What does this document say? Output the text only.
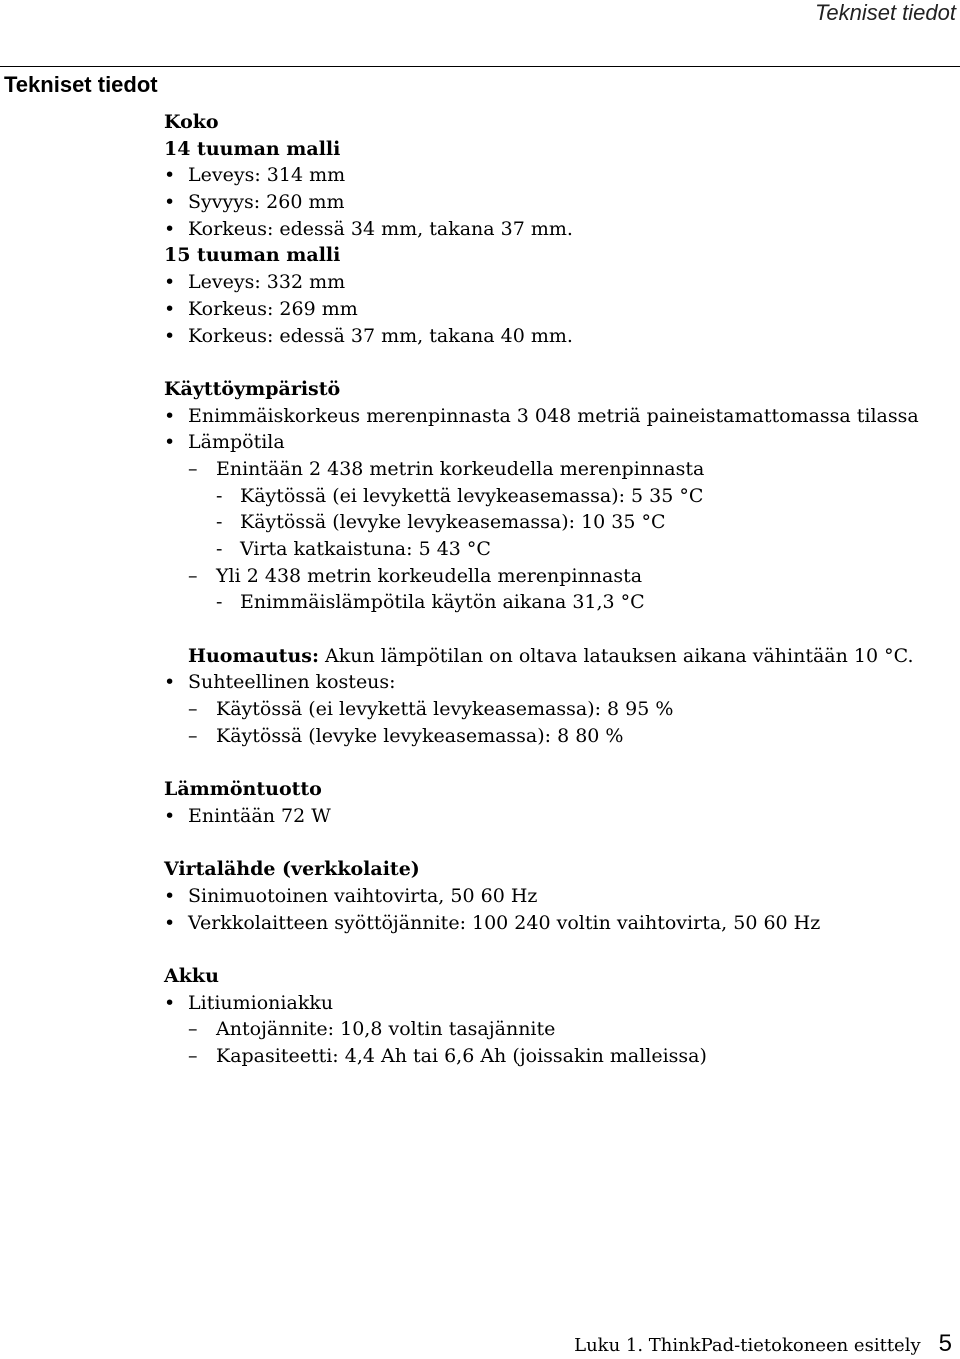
Tekniset tiedot
Tekniset tiedot
Koko
14 tuuman malli
• Leveys: 314 mm
• Syvyys: 260 mm
• Korkeus: edessä 34 mm, takana 37 mm.
15 tuuman malli
• Leveys: 332 mm
• Korkeus: 269 mm
• Korkeus: edessä 37 mm, takana 40 mm.
Käyttöympäristö
• Enimmäiskorkeus merenpinnasta 3 048 metriä paineistamattomassa tilassa
• Lämpötila
– Enintään 2 438 metrin korkeudella merenpinnasta
- Käytössä (ei levykettä levykeasemassa): 5 35 °C
- Käytössä (levyke levykeasemassa): 10 35 °C
- Virta katkaistuna: 5 43 °C
– Yli 2 438 metrin korkeudella merenpinnasta
- Enimmäislämpötila käytön aikana 31,3 °C
Huomautus: Akun lämpötilan on oltava latauksen aikana vähintään 10 °C.
• Suhteellinen kosteus:
– Käytössä (ei levykettä levykeasemassa): 8 95 %
– Käytössä (levyke levykeasemassa): 8 80 %
Lämmöntuotto
• Enintään 72 W
Virtalähde (verkkolaite)
• Sinimuotoinen vaihtovirta, 50 60 Hz
• Verkkolaitteen syöttöjännite: 100 240 voltin vaihtovirta, 50 60 Hz
Akku
• Litiumioniakku
– Antojännite: 10,8 voltin tasajännite
– Kapasiteetti: 4,4 Ah tai 6,6 Ah (joissakin malleissa)
Luku 1. ThinkPad-tietokoneen esittely 5
